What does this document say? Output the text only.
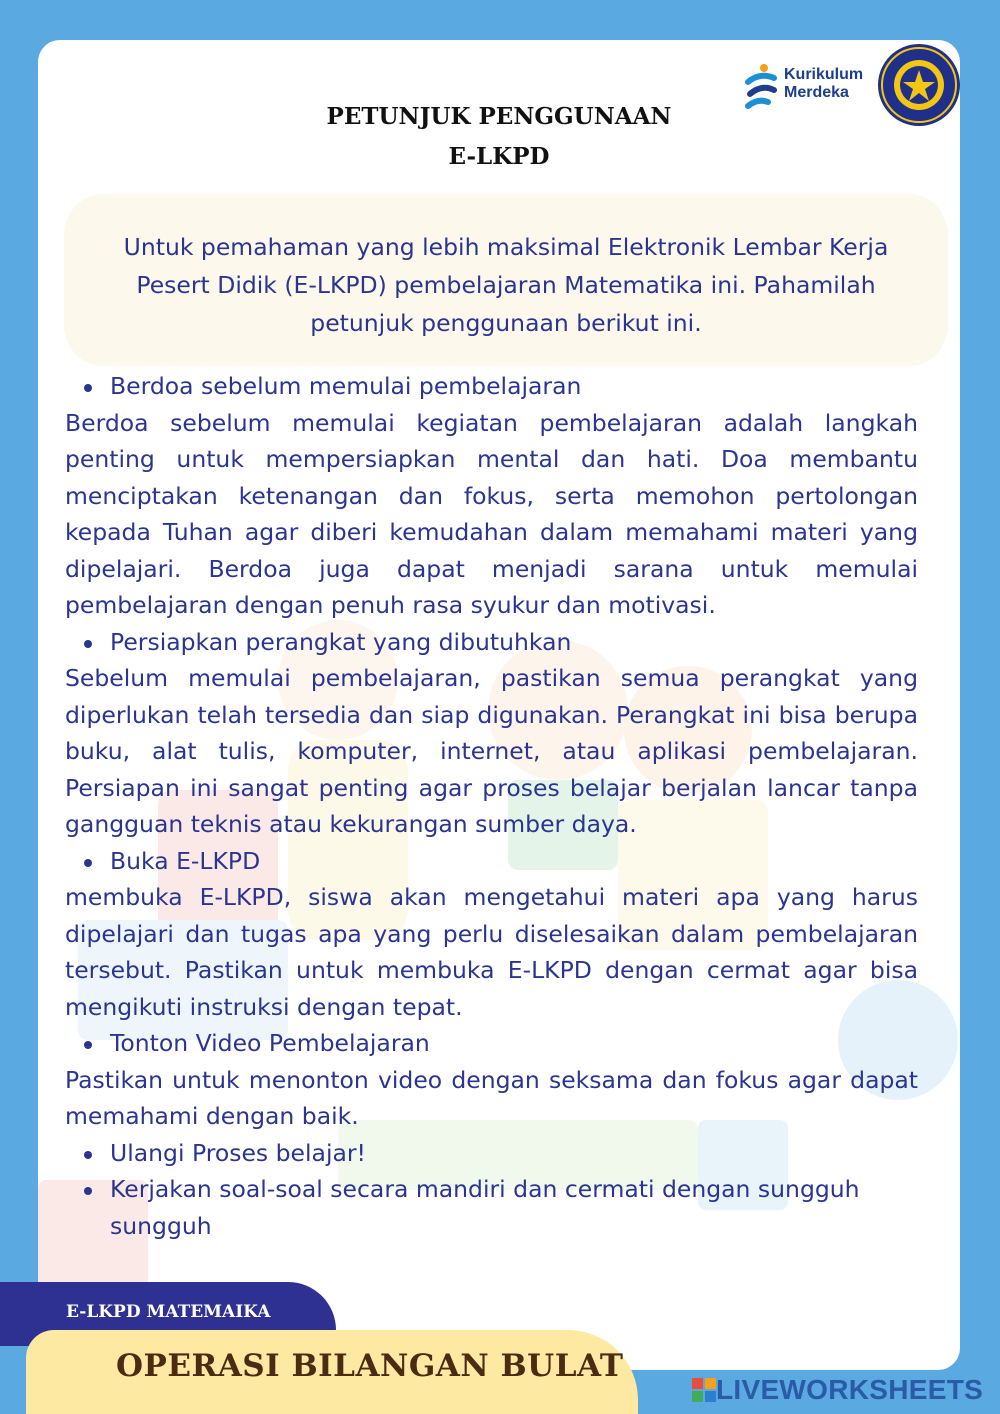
Kurikulum
Merdeka
PETUNJUK PENGGUNAAN
E-LKPD
Untuk pemahaman yang lebih maksimal Elektronik Lembar Kerja
Pesert Didik (E-LKPD) pembelajaran Matematika ini. Pahamilah
petunjuk penggunaan berikut ini.
Berdoa sebelum memulai pembelajaran
Berdoa sebelum memulai kegiatan pembelajaran adalah langkah penting untuk mempersiapkan mental dan hati. Doa membantu menciptakan ketenangan dan fokus, serta memohon pertolongan kepada Tuhan agar diberi kemudahan dalam memahami materi yang dipelajari. Berdoa juga dapat menjadi sarana untuk memulai pembelajaran dengan penuh rasa syukur dan motivasi.
Persiapkan perangkat yang dibutuhkan
Sebelum memulai pembelajaran, pastikan semua perangkat yang diperlukan telah tersedia dan siap digunakan. Perangkat ini bisa berupa buku, alat tulis, komputer, internet, atau aplikasi pembelajaran. Persiapan ini sangat penting agar proses belajar berjalan lancar tanpa gangguan teknis atau kekurangan sumber daya.
Buka E-LKPD
membuka E-LKPD, siswa akan mengetahui materi apa yang harus dipelajari dan tugas apa yang perlu diselesaikan dalam pembelajaran tersebut. Pastikan untuk membuka E-LKPD dengan cermat agar bisa mengikuti instruksi dengan tepat.
Tonton Video Pembelajaran
Pastikan untuk menonton video dengan seksama dan fokus agar dapat memahami dengan baik.
Ulangi Proses belajar!
Kerjakan soal-soal secara mandiri dan cermati dengan sungguh sungguh
E-LKPD MATEMAIKA
OPERASI BILANGAN BULAT
LIVEWORKSHEETS
